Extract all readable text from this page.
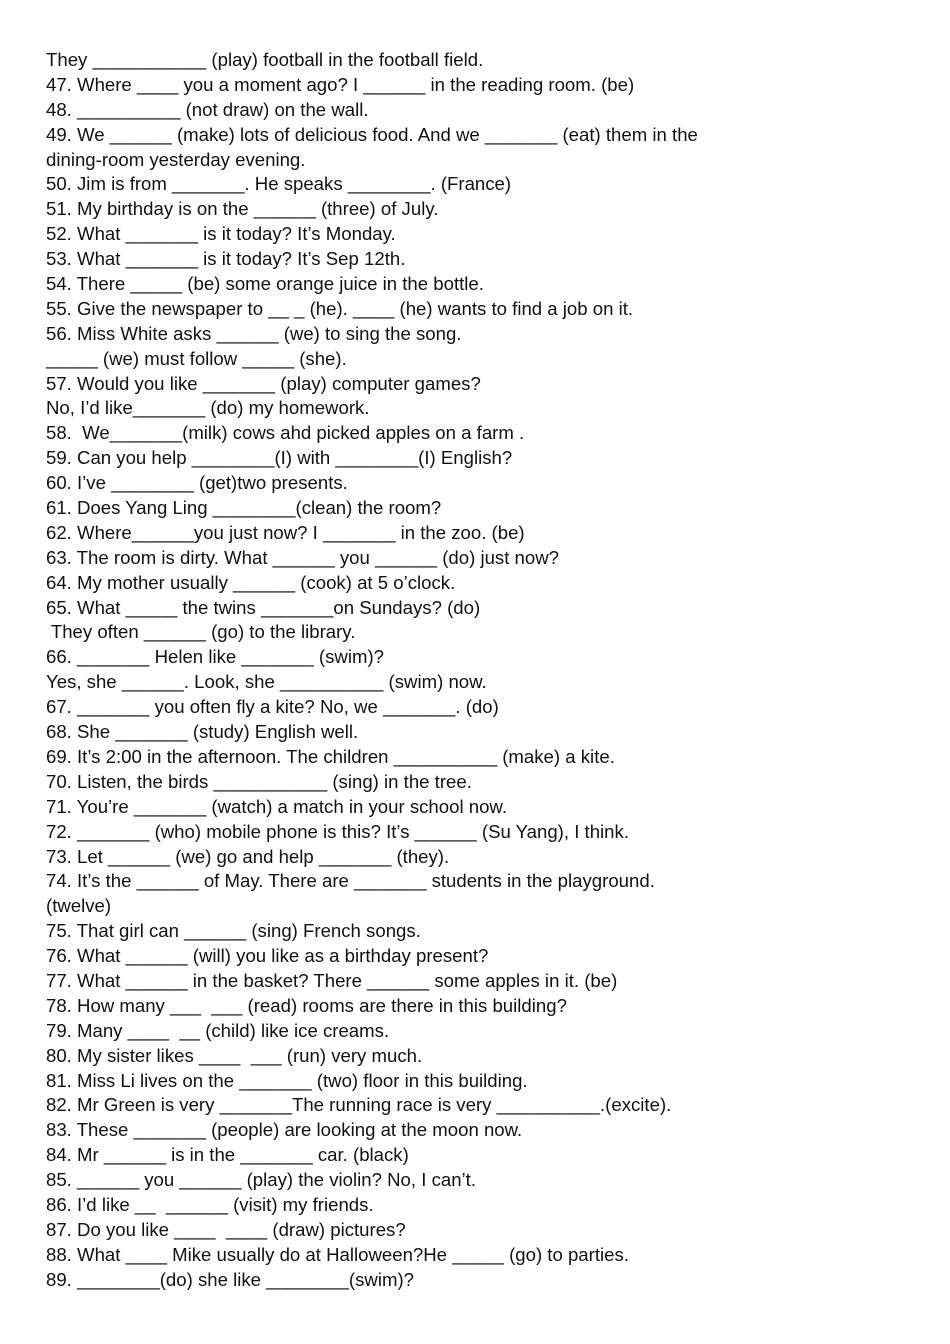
They ___________ (play) football in the football field.
47. Where ____ you a moment ago? I ______ in the reading room. (be)
48. __________ (not draw) on the wall.
49. We ______ (make) lots of delicious food. And we _______ (eat) them in the
dining-room yesterday evening.
50. Jim is from _______. He speaks ________. (France)
51. My birthday is on the ______ (three) of July.
52. What _______ is it today? It’s Monday.
53. What _______ is it today? It’s Sep 12th.
54. There _____ (be) some orange juice in the bottle.
55. Give the newspaper to __ _ (he). ____ (he) wants to find a job on it.
56. Miss White asks ______ (we) to sing the song.
_____ (we) must follow _____ (she).
57. Would you like _______ (play) computer games?
No, I’d like_______ (do) my homework.
58.  We_______(milk) cows ahd picked apples on a farm .
59. Can you help ________(I) with ________(I) English?
60. I’ve ________ (get)two presents.
61. Does Yang Ling ________(clean) the room?
62. Where______you just now? I _______ in the zoo. (be)
63. The room is dirty. What ______ you ______ (do) just now?
64. My mother usually ______ (cook) at 5 o’clock.
65. What _____ the twins _______on Sundays? (do)
They often ______ (go) to the library.
66. _______ Helen like _______ (swim)?
Yes, she ______. Look, she __________ (swim) now.
67. _______ you often fly a kite? No, we _______. (do)
68. She _______ (study) English well.
69. It’s 2:00 in the afternoon. The children __________ (make) a kite.
70. Listen, the birds ___________ (sing) in the tree.
71. You’re _______ (watch) a match in your school now.
72. _______ (who) mobile phone is this? It’s ______ (Su Yang), I think.
73. Let ______ (we) go and help _______ (they).
74. It’s the ______ of May. There are _______ students in the playground.
(twelve)
75. That girl can ______ (sing) French songs.
76. What ______ (will) you like as a birthday present?
77. What ______ in the basket? There ______ some apples in it. (be)
78. How many ___  ___ (read) rooms are there in this building?
79. Many ____  __ (child) like ice creams.
80. My sister likes ____  ___ (run) very much.
81. Miss Li lives on the _______ (two) floor in this building.
82. Mr Green is very _______The running race is very __________.(excite).
83. These _______ (people) are looking at the moon now.
84. Mr ______ is in the _______ car. (black)
85. ______ you ______ (play) the violin? No, I can’t.
86. I’d like __  ______ (visit) my friends.
87. Do you like ____  ____ (draw) pictures?
88. What ____ Mike usually do at Halloween?He _____ (go) to parties.
89. ________(do) she like ________(swim)?
